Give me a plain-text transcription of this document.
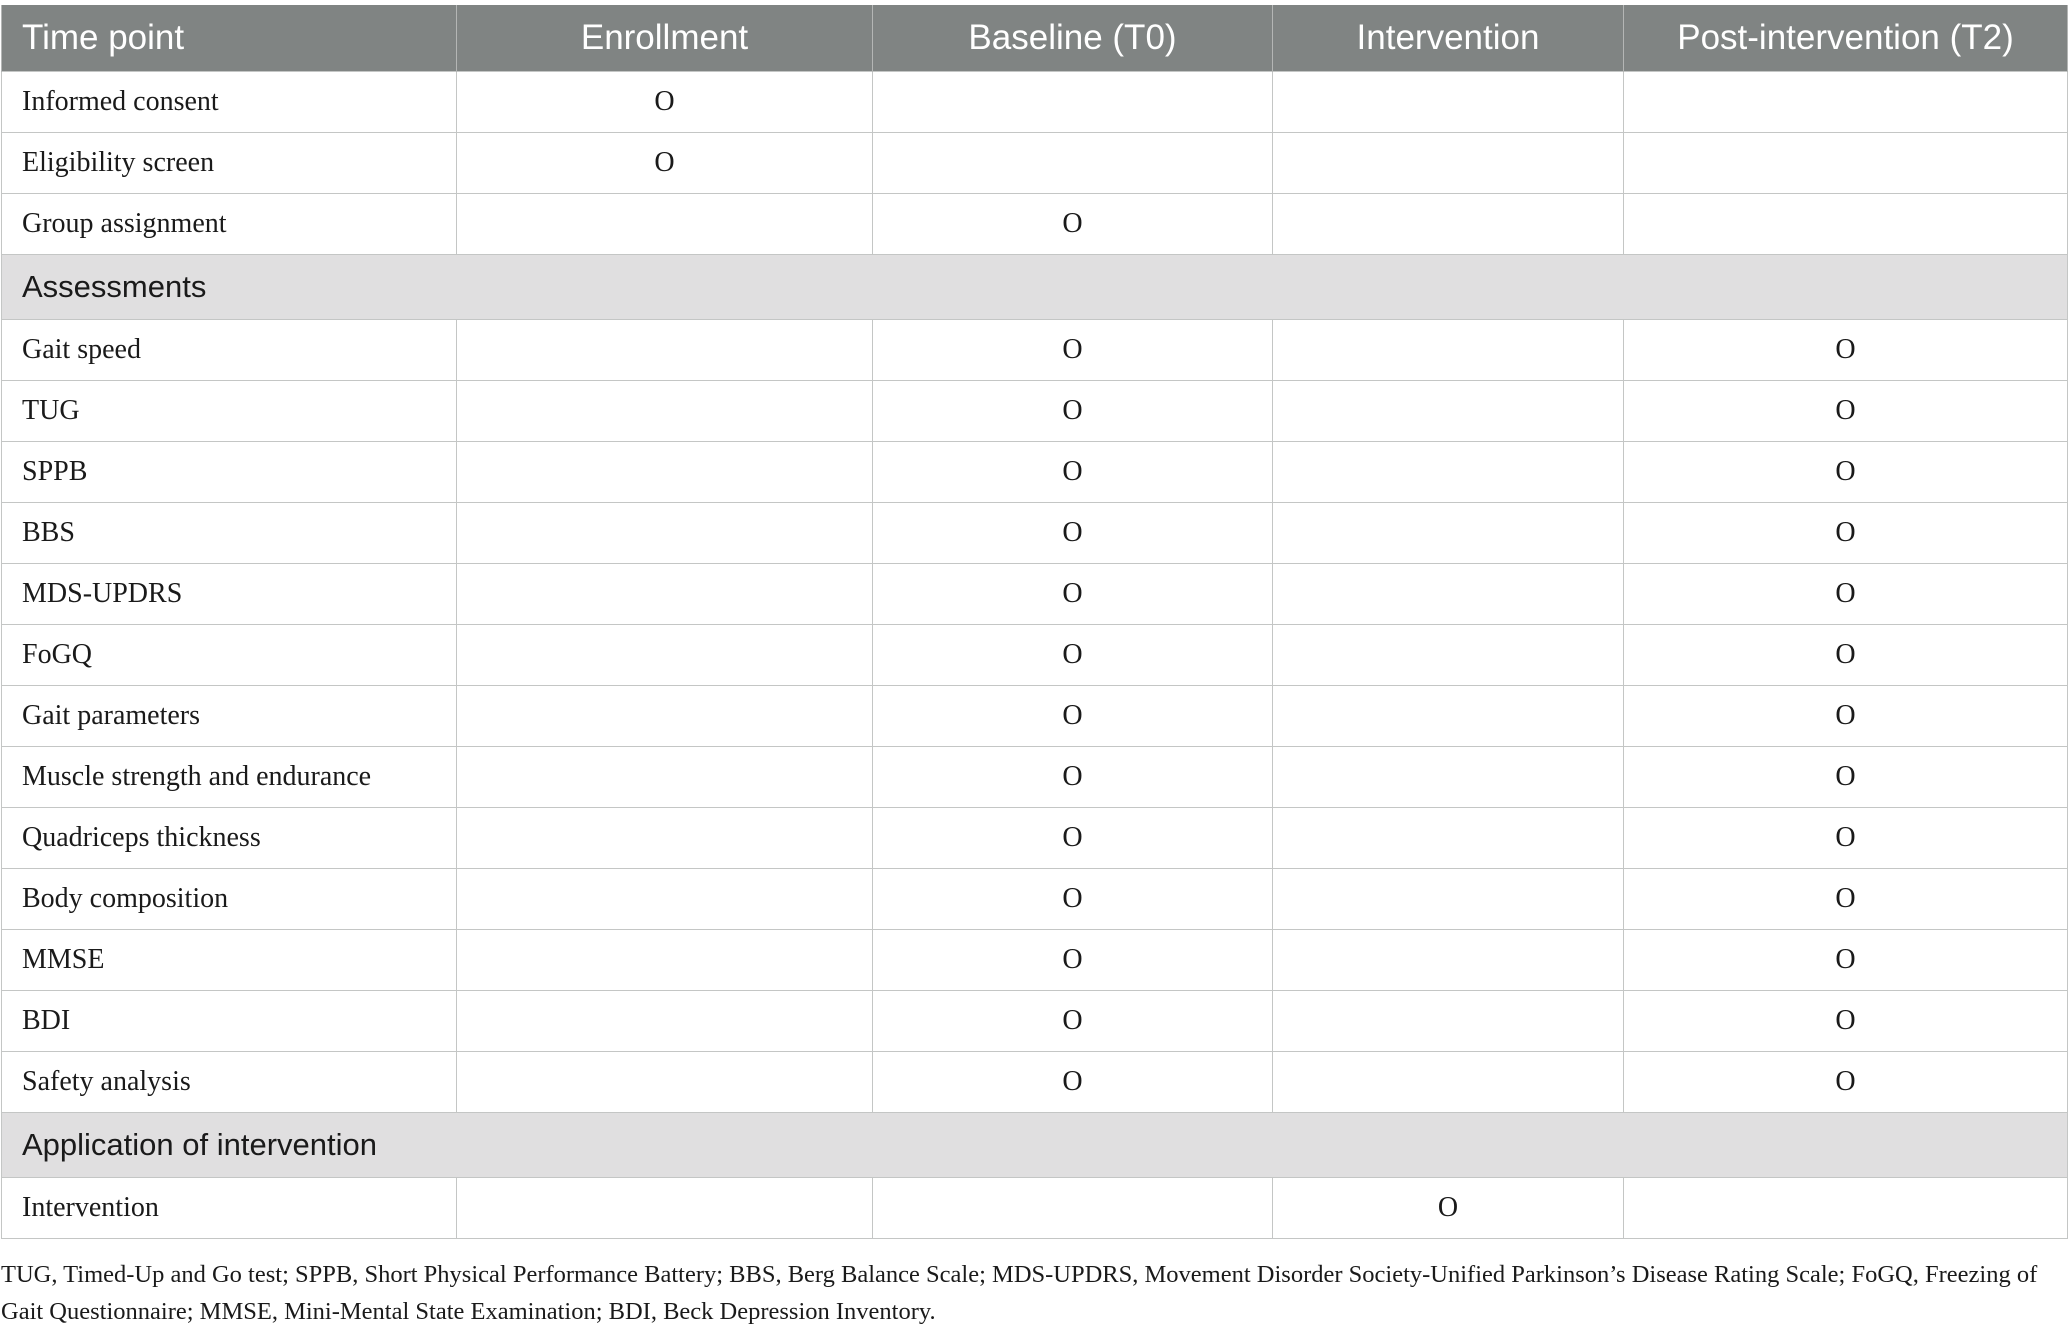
Time point	Enrollment	Baseline (T0)	Intervention	Post-intervention (T2)
Informed consent	O			
Eligibility screen	O			
Group assignment		O		
Assessments				
Gait speed		O		O
TUG		O		O
SPPB		O		O
BBS		O		O
MDS-UPDRS		O		O
FoGQ		O		O
Gait parameters		O		O
Muscle strength and endurance		O		O
Quadriceps thickness		O		O
Body composition		O		O
MMSE		O		O
BDI		O		O
Safety analysis		O		O
Application of intervention				
Intervention			O	

TUG, Timed-Up and Go test; SPPB, Short Physical Performance Battery; BBS, Berg Balance Scale; MDS-UPDRS, Movement Disorder Society-Unified Parkinson’s Disease Rating Scale; FoGQ, Freezing of Gait Questionnaire; MMSE, Mini-Mental State Examination; BDI, Beck Depression Inventory.
